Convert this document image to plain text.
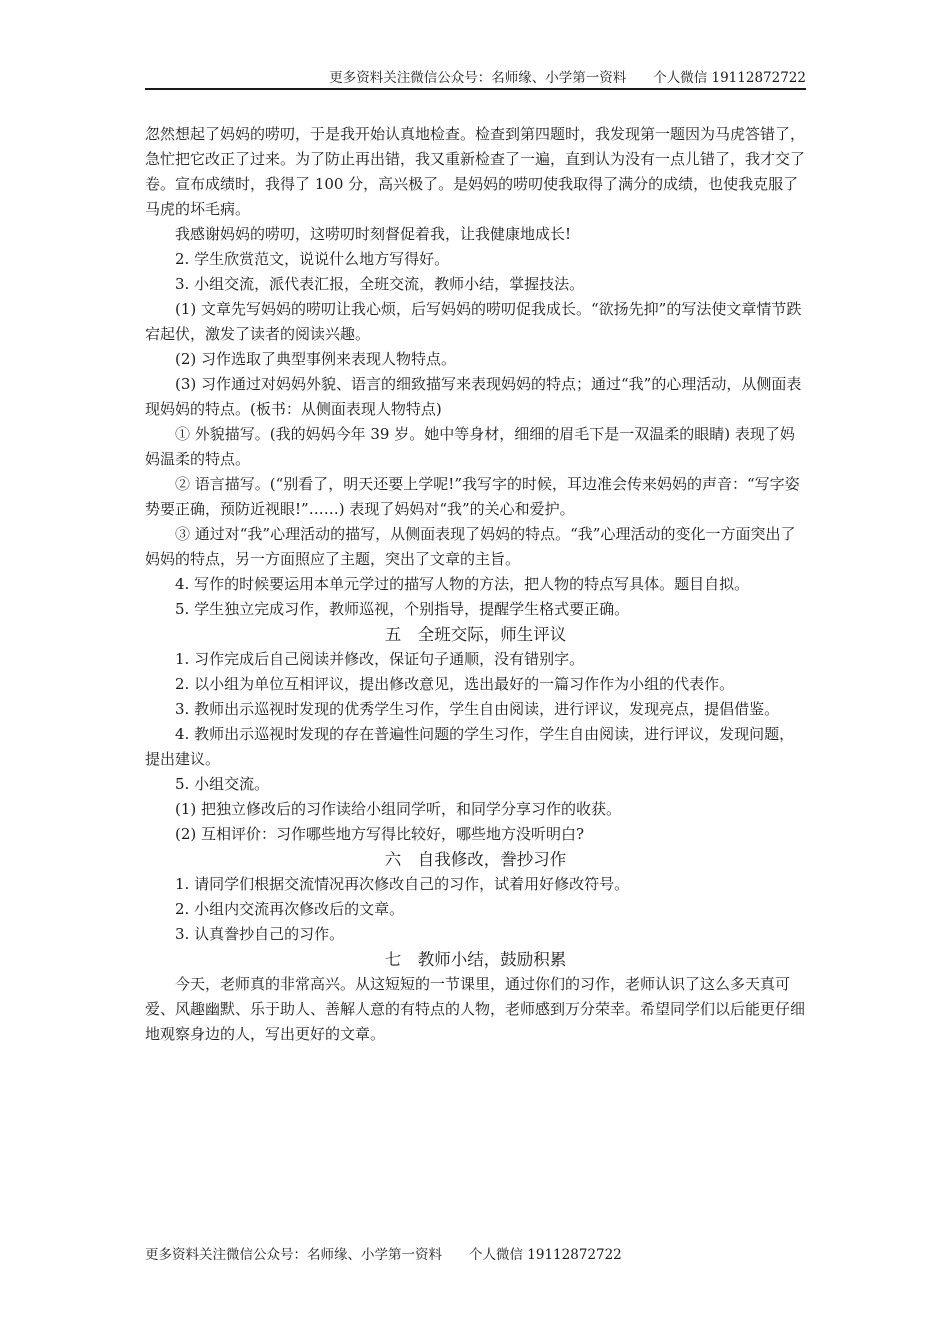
更多资料关注微信公众号：名师缘、小学第一资料　　个人微信 19112872722

忽然想起了妈妈的唠叨，于是我开始认真地检查。检查到第四题时，我发现第一题因为马虎答错了，急忙把它改正了过来。为了防止再出错，我又重新检查了一遍，直到认为没有一点儿错了，我才交了卷。宣布成绩时，我得了 100 分，高兴极了。是妈妈的唠叨使我取得了满分的成绩，也使我克服了马虎的坏毛病。

我感谢妈妈的唠叨，这唠叨时刻督促着我，让我健康地成长!

2. 学生欣赏范文，说说什么地方写得好。

3. 小组交流，派代表汇报，全班交流，教师小结，掌握技法。

(1) 文章先写妈妈的唠叨让我心烦，后写妈妈的唠叨促我成长。“欲扬先抑”的写法使文章情节跌宕起伏，激发了读者的阅读兴趣。

(2) 习作选取了典型事例来表现人物特点。

(3) 习作通过对妈妈外貌、语言的细致描写来表现妈妈的特点；通过“我”的心理活动，从侧面表现妈妈的特点。(板书：从侧面表现人物特点)

① 外貌描写。(我的妈妈今年 39 岁。她中等身材，细细的眉毛下是一双温柔的眼睛) 表现了妈妈温柔的特点。

② 语言描写。(“别看了，明天还要上学呢!”我写字的时候，耳边准会传来妈妈的声音：“写字姿势要正确，预防近视眼!”……) 表现了妈妈对“我”的关心和爱护。

③ 通过对“我”心理活动的描写，从侧面表现了妈妈的特点。“我”心理活动的变化一方面突出了妈妈的特点，另一方面照应了主题，突出了文章的主旨。

4. 写作的时候要运用本单元学过的描写人物的方法，把人物的特点写具体。题目自拟。

5. 学生独立完成习作，教师巡视，个别指导，提醒学生格式要正确。

五　全班交际，师生评议

1. 习作完成后自己阅读并修改，保证句子通顺，没有错别字。

2. 以小组为单位互相评议，提出修改意见，选出最好的一篇习作作为小组的代表作。

3. 教师出示巡视时发现的优秀学生习作，学生自由阅读，进行评议，发现亮点，提倡借鉴。

4. 教师出示巡视时发现的存在普遍性问题的学生习作，学生自由阅读，进行评议，发现问题，提出建议。

5. 小组交流。

(1) 把独立修改后的习作读给小组同学听，和同学分享习作的收获。

(2) 互相评价：习作哪些地方写得比较好，哪些地方没听明白?

六　自我修改，誊抄习作

1. 请同学们根据交流情况再次修改自己的习作，试着用好修改符号。

2. 小组内交流再次修改后的文章。

3. 认真誊抄自己的习作。

七　教师小结，鼓励积累

今天，老师真的非常高兴。从这短短的一节课里，通过你们的习作，老师认识了这么多天真可爱、风趣幽默、乐于助人、善解人意的有特点的人物，老师感到万分荣幸。希望同学们以后能更仔细地观察身边的人，写出更好的文章。

更多资料关注微信公众号：名师缘、小学第一资料　　个人微信 19112872722
